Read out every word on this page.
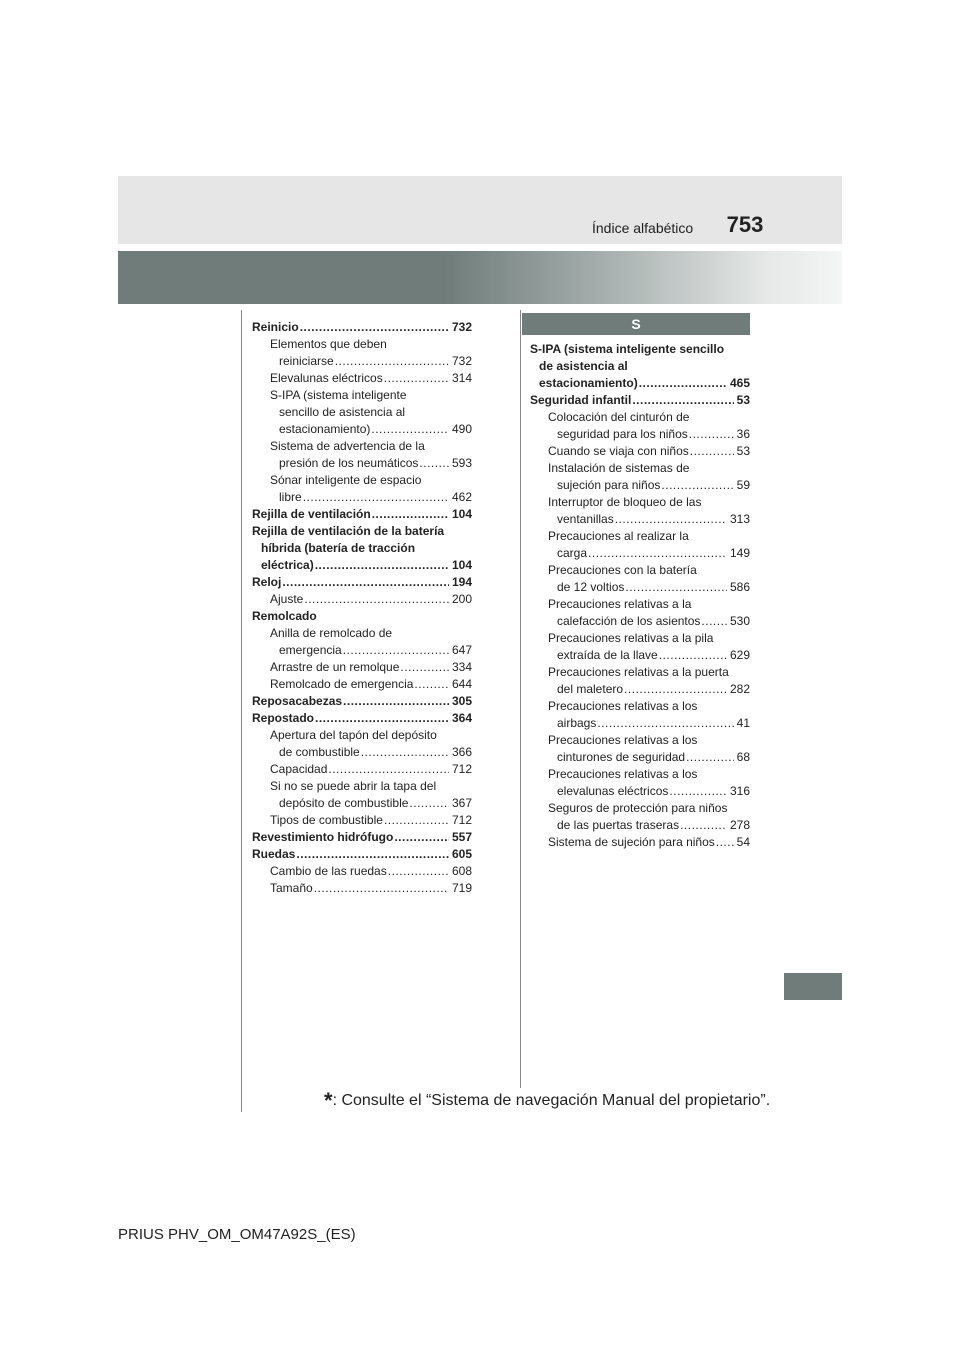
753
Índice alfabético
Reinicio .....	732
Elementos que deben
reiniciarse .....	732
Elevalunas eléctricos .....	314
S-IPA (sistema inteligente
sencillo de asistencia al
estacionamiento) .....	490
Sistema de advertencia de la
presión de los neumáticos .....	593
Sónar inteligente de espacio
libre .....	462
Rejilla de ventilación .....	104
Rejilla de ventilación de la batería
híbrida (batería de tracción
eléctrica) .....	104
Reloj .....	194
Ajuste .....	200
Remolcado
Anilla de remolcado de
emergencia .....	647
Arrastre de un remolque .....	334
Remolcado de emergencia .....	644
Reposacabezas .....	305
Repostado .....	364
Apertura del tapón del depósito
de combustible .....	366
Capacidad .....	712
Si no se puede abrir la tapa del
depósito de combustible .....	367
Tipos de combustible .....	712
Revestimiento hidrófugo .....	557
Ruedas .....	605
Cambio de las ruedas .....	608
Tamaño .....	719
S
S-IPA (sistema inteligente sencillo
de asistencia al
estacionamiento) .....	465
Seguridad infantil .....	53
Colocación del cinturón de
seguridad para los niños .....	36
Cuando se viaja con niños .....	53
Instalación de sistemas de
sujeción para niños .....	59
Interruptor de bloqueo de las
ventanillas .....	313
Precauciones al realizar la
carga .....	149
Precauciones con la batería
de 12 voltios .....	586
Precauciones relativas a la
calefacción de los asientos ..... 530
Precauciones relativas a la pila
extraída de la llave .....	629
Precauciones relativas a la puerta
del maletero .....	282
Precauciones relativas a los
airbags .....	41
Precauciones relativas a los
cinturones de seguridad .....	68
Precauciones relativas a los
elevalunas eléctricos .....	316
Seguros de protección para niños
de las puertas traseras .....	278
Sistema de sujeción para niños ..... 54
*: Consulte el “Sistema de navegación Manual del propietario”.
PRIUS PHV_OM_OM47A92S_(ES)
